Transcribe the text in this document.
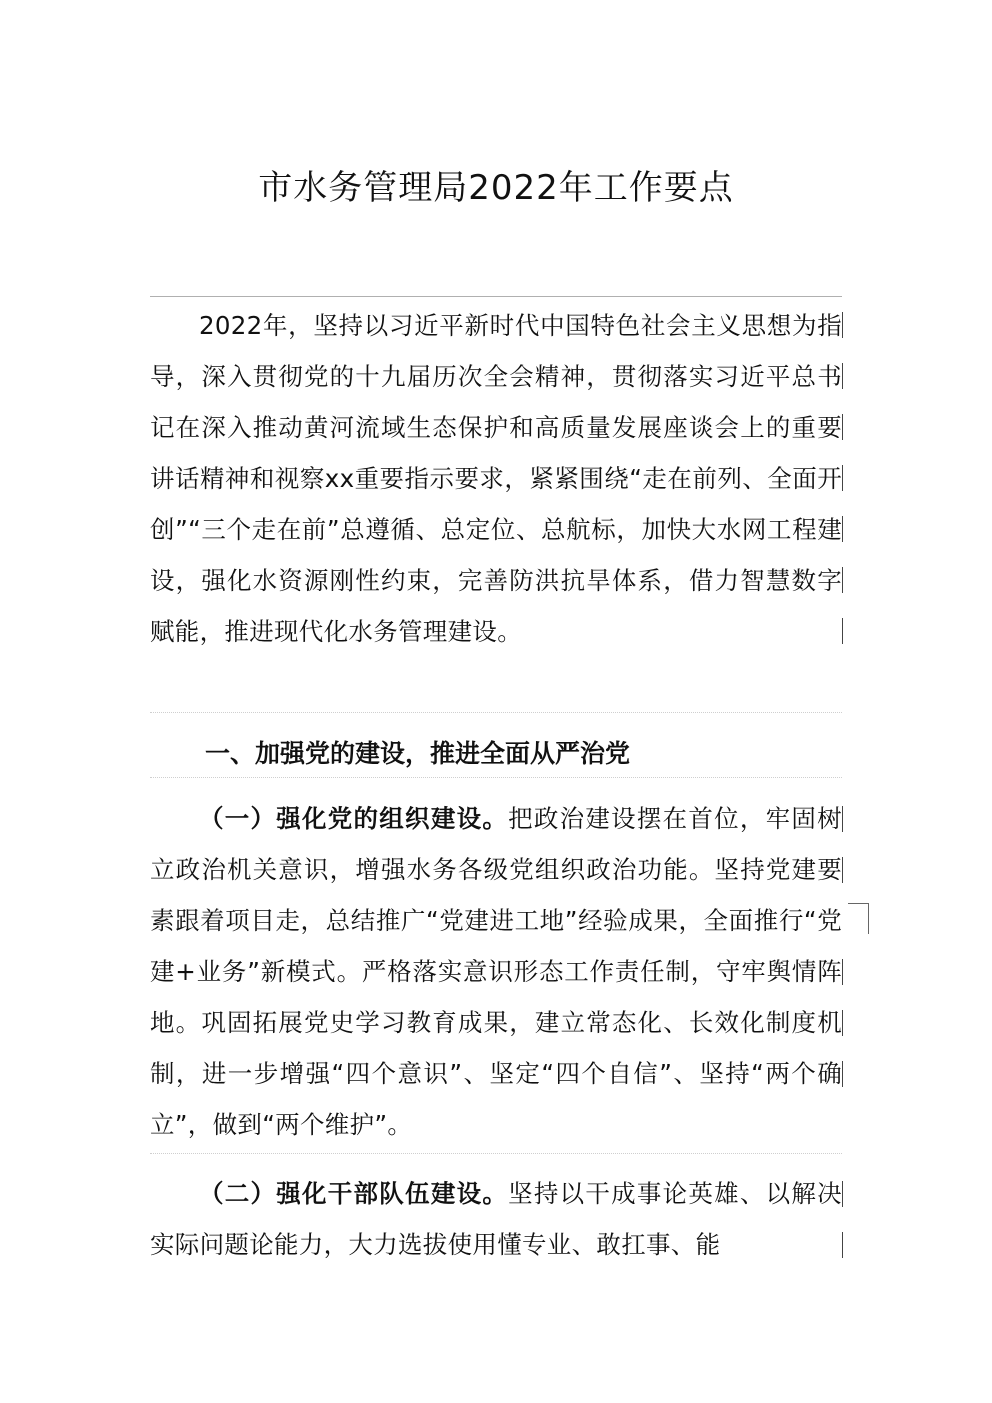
市水务管理局2022年工作要点

2022年，坚持以习近平新时代中国特色社会主义思想为指导，深入贯彻党的十九届历次全会精神，贯彻落实习近平总书记在深入推动黄河流域生态保护和高质量发展座谈会上的重要讲话精神和视察xx重要指示要求，紧紧围绕“走在前列、全面开创”“三个走在前”总遵循、总定位、总航标，加快大水网工程建设，强化水资源刚性约束，完善防洪抗旱体系，借力智慧数字赋能，推进现代化水务管理建设。

一、加强党的建设，推进全面从严治党

（一）强化党的组织建设。把政治建设摆在首位，牢固树立政治机关意识，增强水务各级党组织政治功能。坚持党建要素跟着项目走，总结推广“党建进工地”经验成果，全面推行“党建+业务”新模式。严格落实意识形态工作责任制，守牢舆情阵地。巩固拓展党史学习教育成果，建立常态化、长效化制度机制，进一步增强“四个意识”、坚定“四个自信”、坚持“两个确立”，做到“两个维护”。

（二）强化干部队伍建设。坚持以干成事论英雄、以解决实际问题论能力，大力选拔使用懂专业、敢扛事、能
